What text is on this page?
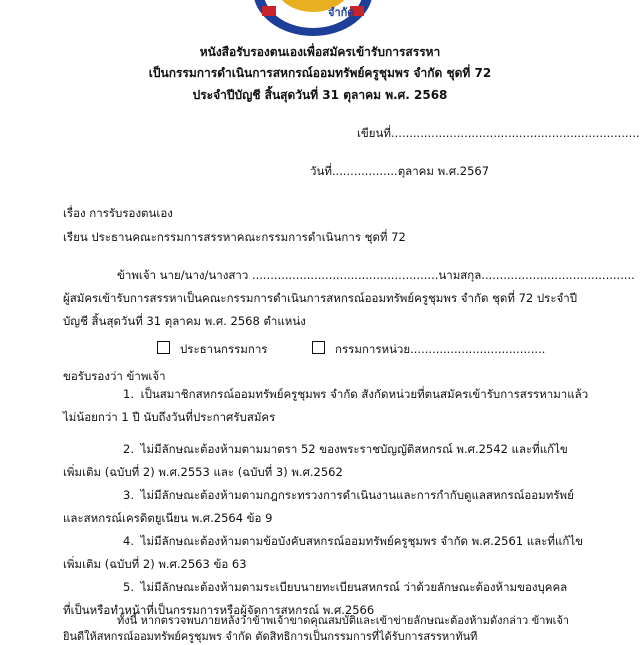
จำกัด
หนังสือรับรองตนเองเพื่อสมัครเข้ารับการสรรหา
เป็นกรรมการดำเนินการสหกรณ์ออมทรัพย์ครูชุมพร จำกัด ชุดที่ 72
ประจำปีบัญชี สิ้นสุดวันที่ 31 ตุลาคม พ.ศ. 2568
เขียนที่....................................................................
วันที่..................ตุลาคม พ.ศ.2567
เรื่อง การรับรองตนเอง
เรียน ประธานคณะกรรมการสรรหาคณะกรรมการดำเนินการ ชุดที่ 72
ข้าพเจ้า นาย/นาง/นางสาว ...................................................นามสกุล..........................................
ผู้สมัครเข้ารับการสรรหาเป็นคณะกรรมการดำเนินการสหกรณ์ออมทรัพย์ครูชุมพร จำกัด ชุดที่ 72 ประจำปี
บัญชี สิ้นสุดวันที่ 31 ตุลาคม พ.ศ. 2568 ตำแหน่ง
ประธานกรรมการ	กรรมการหน่วย.....................................
ขอรับรองว่า ข้าพเจ้า
1. เป็นสมาชิกสหกรณ์ออมทรัพย์ครูชุมพร จำกัด สังกัดหน่วยที่ตนสมัครเข้ารับการสรรหามาแล้ว
ไม่น้อยกว่า 1 ปี นับถึงวันที่ประกาศรับสมัคร
2. ไม่มีลักษณะต้องห้ามตามมาตรา 52 ของพระราชบัญญัติสหกรณ์ พ.ศ.2542 และที่แก้ไข
เพิ่มเติม (ฉบับที่ 2) พ.ศ.2553 และ (ฉบับที่ 3) พ.ศ.2562
3. ไม่มีลักษณะต้องห้ามตามกฎกระทรวงการดำเนินงานและการกำกับดูแลสหกรณ์ออมทรัพย์
และสหกรณ์เครดิตยูเนียน พ.ศ.2564 ข้อ 9
4. ไม่มีลักษณะต้องห้ามตามข้อบังคับสหกรณ์ออมทรัพย์ครูชุมพร จำกัด พ.ศ.2561 และที่แก้ไข
เพิ่มเติม (ฉบับที่ 2) พ.ศ.2563 ข้อ 63
5. ไม่มีลักษณะต้องห้ามตามระเบียบนายทะเบียนสหกรณ์ ว่าด้วยลักษณะต้องห้ามของบุคคล
ที่เป็นหรือทำหน้าที่เป็นกรรมการหรือผู้จัดการสหกรณ์ พ.ศ.2566
ทั้งนี้ หากตรวจพบภายหลังว่าข้าพเจ้าขาดคุณสมบัติและเข้าข่ายลักษณะต้องห้ามดังกล่าว ข้าพเจ้า
ยินดีให้สหกรณ์ออมทรัพย์ครูชุมพร จำกัด ตัดสิทธิการเป็นกรรมการที่ได้รับการสรรหาทันที
